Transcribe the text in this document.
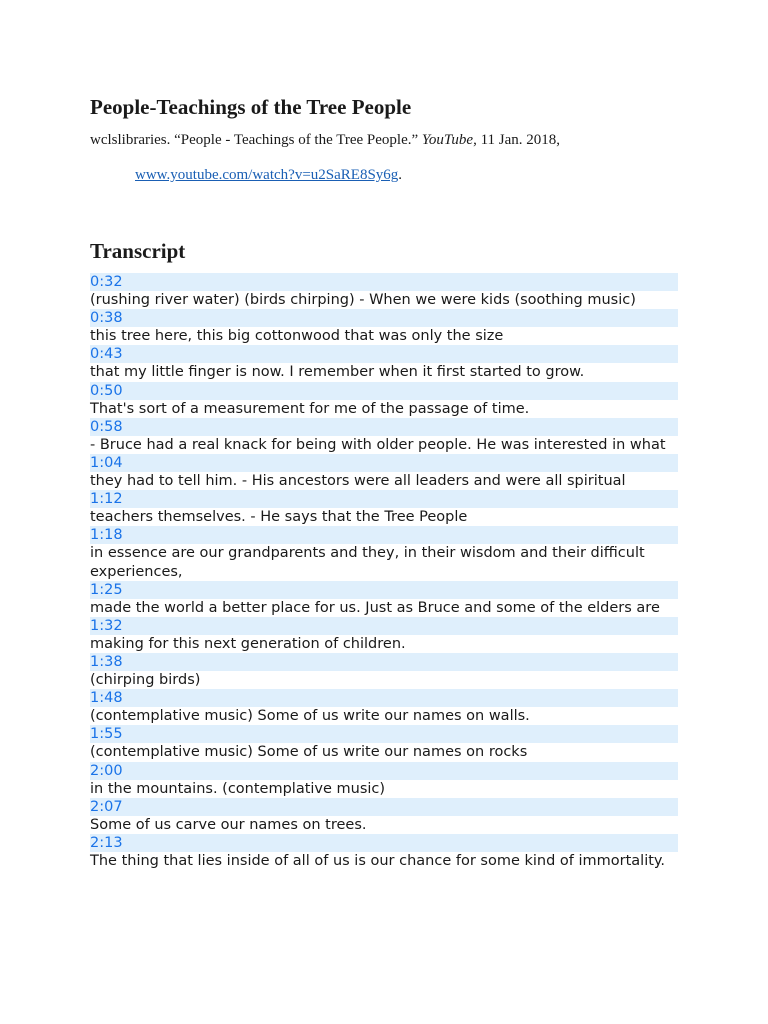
People-Teachings of the Tree People

wclslibraries. “People - Teachings of the Tree People.” YouTube, 11 Jan. 2018,

www.youtube.com/watch?v=u2SaRE8Sy6g.

Transcript
0:32
(rushing river water) (birds chirping) - When we were kids (soothing music)
0:38
this tree here, this big cottonwood that was only the size
0:43
that my little finger is now. I remember when it first started to grow.
0:50
That's sort of a measurement for me of the passage of time.
0:58
- Bruce had a real knack for being with older people. He was interested in what
1:04
they had to tell him. - His ancestors were all leaders and were all spiritual
1:12
teachers themselves. - He says that the Tree People
1:18
in essence are our grandparents and they, in their wisdom and their difficult experiences,
1:25
made the world a better place for us. Just as Bruce and some of the elders are
1:32
making for this next generation of children.
1:38
(chirping birds)
1:48
(contemplative music) Some of us write our names on walls.
1:55
(contemplative music) Some of us write our names on rocks
2:00
in the mountains. (contemplative music)
2:07
Some of us carve our names on trees.
2:13
The thing that lies inside of all of us is our chance for some kind of immortality.
